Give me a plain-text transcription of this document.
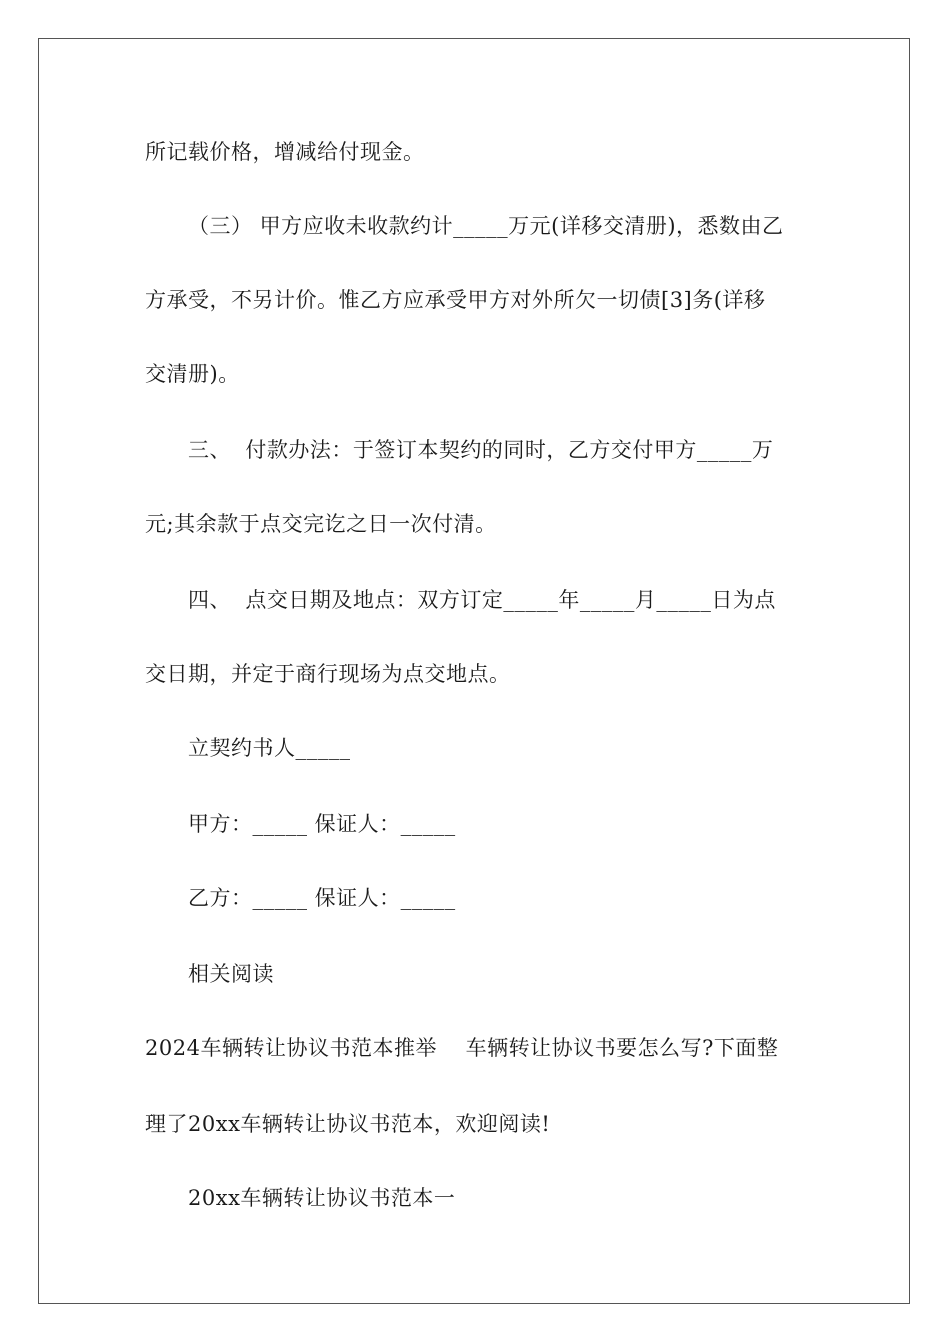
所记载价格，增减给付现金。
（三） 甲方应收未收款约计_____万元(详移交清册)，悉数由乙
方承受，不另计价。惟乙方应承受甲方对外所欠一切债[3]务(详移
交清册)。
三、  付款办法：于签订本契约的同时，乙方交付甲方_____万
元;其余款于点交完讫之日一次付清。
四、  点交日期及地点：双方订定_____年_____月_____日为点
交日期，并定于商行现场为点交地点。
立契约书人_____
甲方：_____ 保证人：_____
乙方：_____ 保证人：_____
相关阅读
2024车辆转让协议书范本推举    车辆转让协议书要怎么写?下面整
理了20xx车辆转让协议书范本，欢迎阅读!
20xx车辆转让协议书范本一
